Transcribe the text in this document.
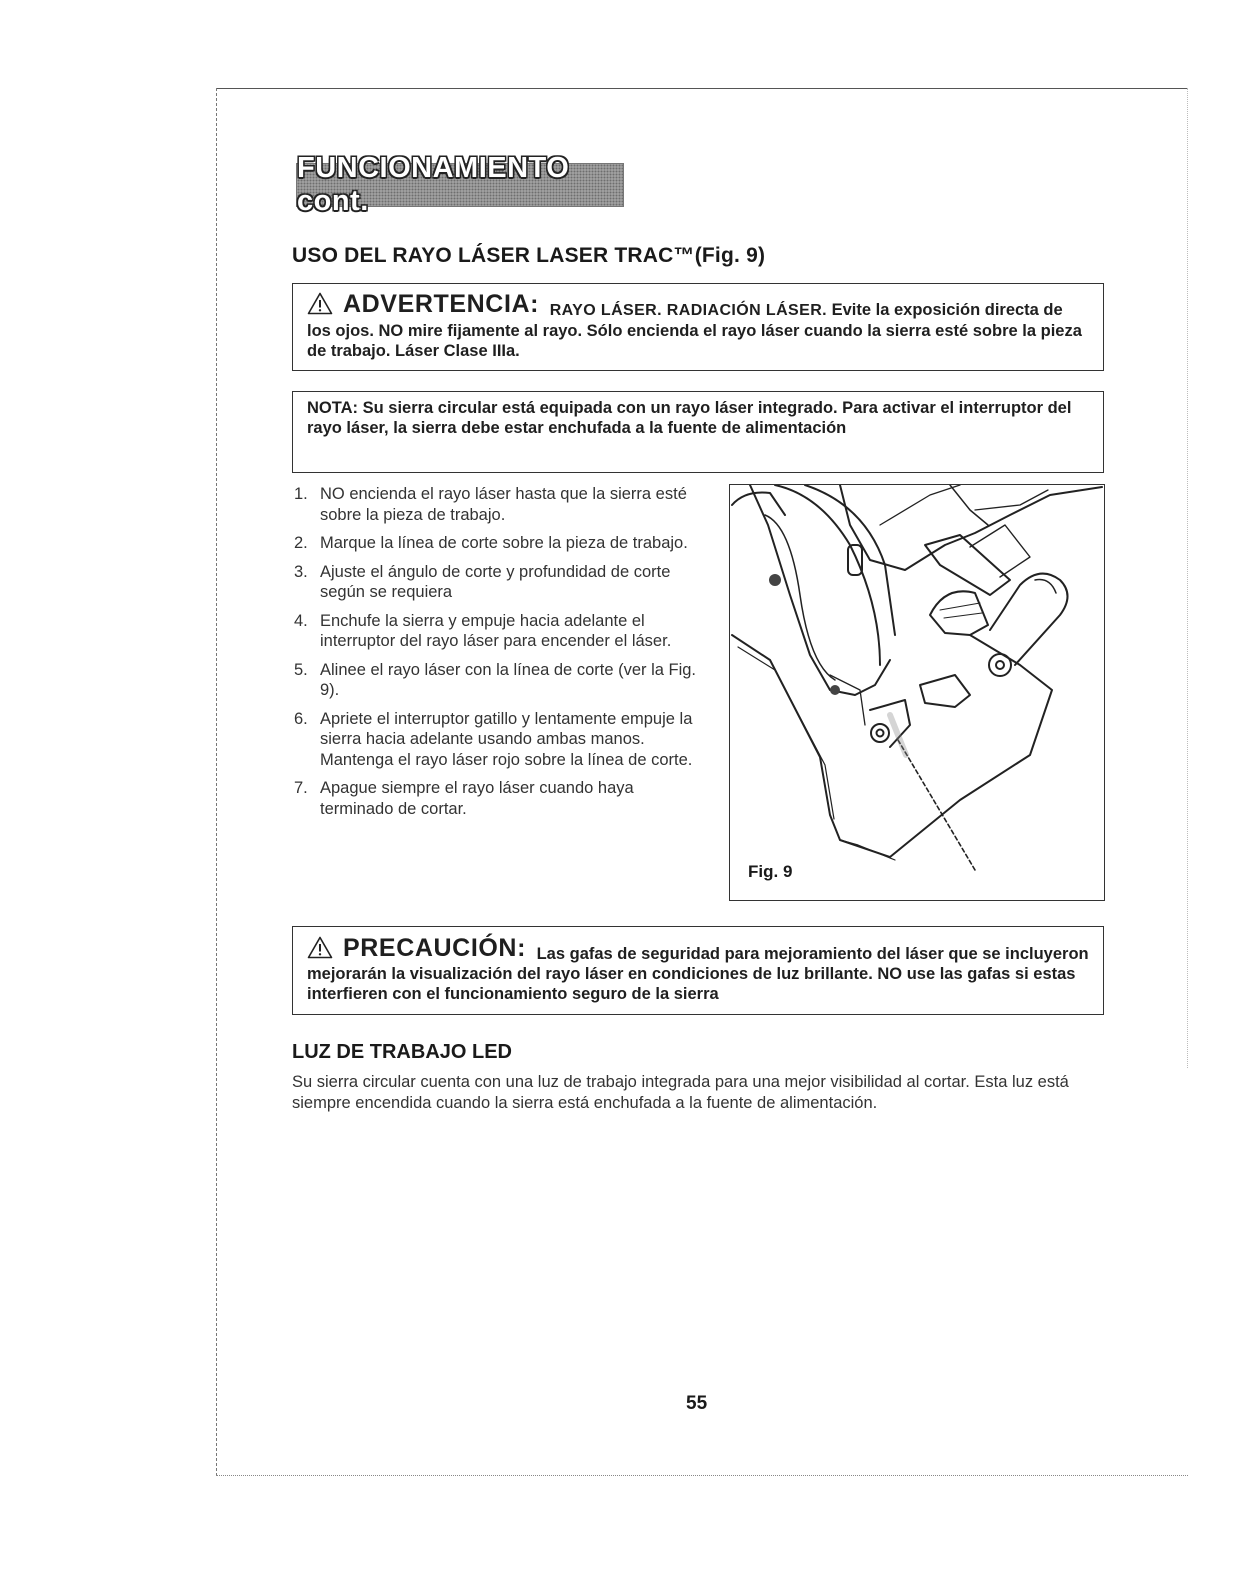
FUNCIONAMIENTO cont.
USO DEL RAYO LÁSER LASER TRAC™(Fig. 9)
ADVERTENCIA: RAYO LÁSER. RADIACIÓN LÁSER. Evite la exposición directa de los ojos. NO mire fijamente al rayo. Sólo encienda el rayo láser cuando la sierra esté sobre la pieza de trabajo. Láser Clase IIIa.
NOTA: Su sierra circular está equipada con un rayo láser integrado. Para activar el interruptor del rayo láser, la sierra debe estar enchufada a la fuente de alimentación
1. NO encienda el rayo láser hasta que la sierra esté sobre la pieza de trabajo.
2. Marque la línea de corte sobre la pieza de trabajo.
3. Ajuste el ángulo de corte y profundidad de corte según se requiera
4. Enchufe la sierra y empuje hacia adelante el interruptor del rayo láser para encender el láser.
5. Alinee el rayo láser con la línea de corte (ver la Fig. 9).
6. Apriete el interruptor gatillo y lentamente empuje la sierra hacia adelante usando ambas manos. Mantenga el rayo láser rojo sobre la línea de corte.
7. Apague siempre el rayo láser cuando haya terminado de cortar.
Fig. 9
PRECAUCIÓN: Las gafas de seguridad para mejoramiento del láser que se incluyeron mejorarán la visualización del rayo láser en condiciones de luz brillante. NO use las gafas si estas interfieren con el funcionamiento seguro de la sierra
LUZ DE TRABAJO LED

Su sierra circular cuenta con una luz de trabajo integrada para una mejor visibilidad al cortar. Esta luz está siempre encendida cuando la sierra está enchufada a la fuente de alimentación.

55
